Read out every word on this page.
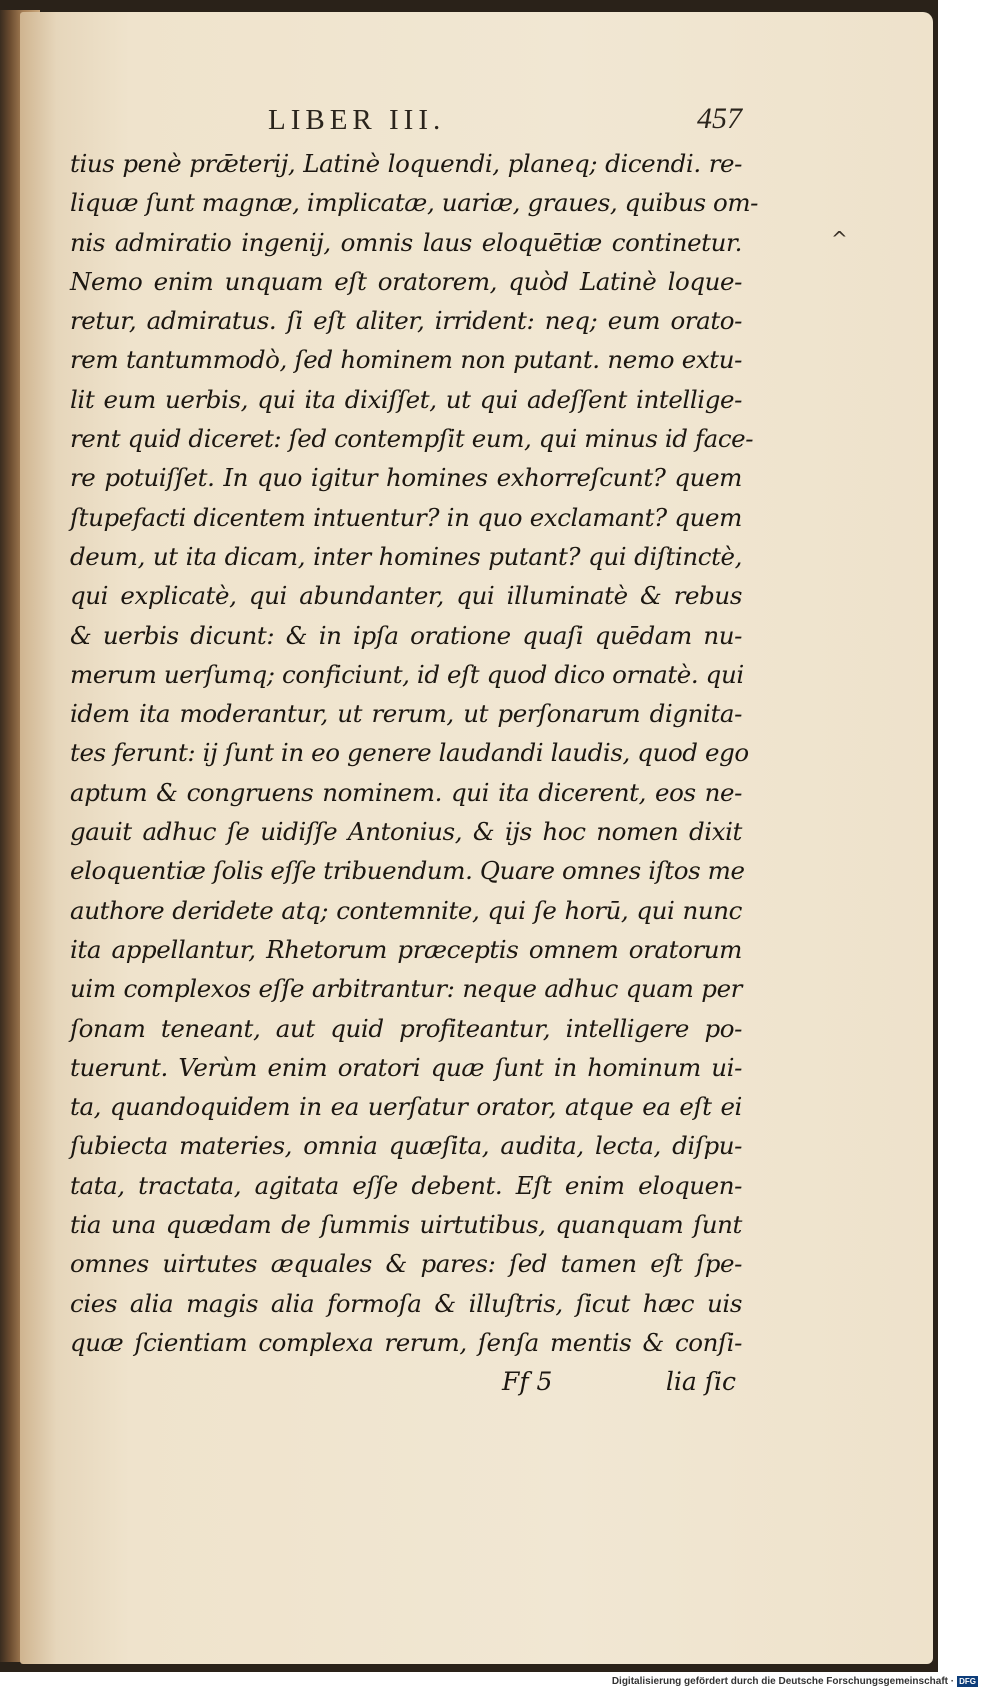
^
LIBER III.	457
tius penè prǣterij, Latinè loquendi, planeq; dicendi. re-
liquæ ſunt magnæ, implicatæ, uariæ, graues, quibus om-
nis admiratio ingenij, omnis laus eloquētiæ continetur.
Nemo enim unquam eſt oratorem, quòd Latinè loque-
retur, admiratus. ſi eſt aliter, irrident: neq; eum orato-
rem tantummodò, ſed hominem non putant. nemo extu-
lit eum uerbis, qui ita dixiſſet, ut qui adeſſent intellige-
rent quid diceret: ſed contempſit eum, qui minus id face-
re potuiſſet. In quo igitur homines exhorreſcunt? quem
ſtupefacti dicentem intuentur? in quo exclamant? quem
deum, ut ita dicam, inter homines putant? qui diſtinctè,
qui explicatè, qui abundanter, qui illuminatè & rebus
& uerbis dicunt: & in ipſa oratione quaſi quēdam nu-
merum uerſumq; conficiunt, id eſt quod dico ornatè. qui
idem ita moderantur, ut rerum, ut perſonarum dignita-
tes ferunt: ij ſunt in eo genere laudandi laudis, quod ego
aptum & congruens nominem. qui ita dicerent, eos ne-
gauit adhuc ſe uidiſſe Antonius, & ijs hoc nomen dixit
eloquentiæ ſolis eſſe tribuendum. Quare omnes iſtos me
authore deridete atq; contemnite, qui ſe horū, qui nunc
ita appellantur, Rhetorum præceptis omnem oratorum
uim complexos eſſe arbitrantur: neque adhuc quam per
ſonam teneant, aut quid profiteantur, intelligere po-
tuerunt. Verùm enim oratori quæ ſunt in hominum ui-
ta, quandoquidem in ea uerſatur orator, atque ea eſt ei
ſubiecta materies, omnia quæſita, audita, lecta, diſpu-
tata, tractata, agitata eſſe debent. Eſt enim eloquen-
tia una quædam de ſummis uirtutibus, quanquam ſunt
omnes uirtutes æquales & pares: ſed tamen eſt ſpe-
cies alia magis alia formoſa & illuſtris, ſicut hæc uis
quæ ſcientiam complexa rerum, ſenſa mentis & conſi-
Ff 5	lia ſic
Digitalisierung gefördert durch die Deutsche Forschungsgemeinschaft · DFG
